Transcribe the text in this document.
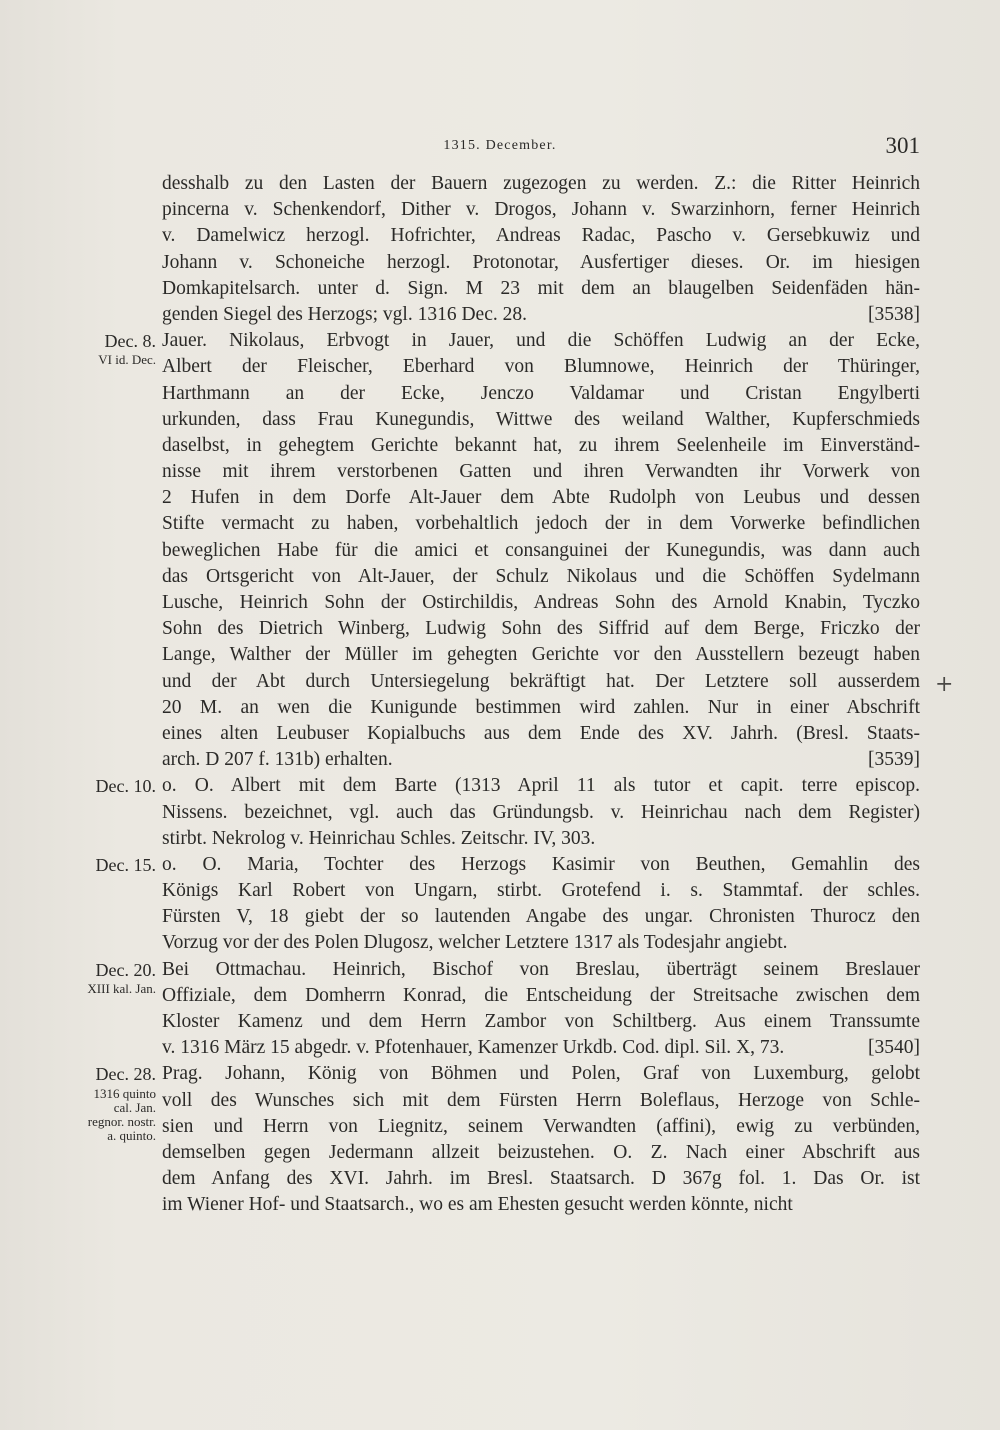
1315. December.	301
desshalb zu den Lasten der Bauern zugezogen zu werden. Z.: die Ritter Heinrich
pincerna v. Schenkendorf, Dither v. Drogos, Johann v. Swarzinhorn, ferner Heinrich
v. Damelwicz herzogl. Hofrichter, Andreas Radac, Pascho v. Gersebkuwiz und
Johann v. Schoneiche herzogl. Protonotar, Ausfertiger dieses. Or. im hiesigen
Domkapitelsarch. unter d. Sign. M 23 mit dem an blaugelben Seidenfäden hän-
genden Siegel des Herzogs; vgl. 1316 Dec. 28.	[3538]
Dec. 8.
VI id. Dec.
Jauer. Nikolaus, Erbvogt in Jauer, und die Schöffen Ludwig an der Ecke,
Albert der Fleischer, Eberhard von Blumnowe, Heinrich der Thüringer,
Harthmann an der Ecke, Jenczo Valdamar und Cristan Engylberti
urkunden, dass Frau Kunegundis, Wittwe des weiland Walther, Kupferschmieds
daselbst, in gehegtem Gerichte bekannt hat, zu ihrem Seelenheile im Einverständ-
nisse mit ihrem verstorbenen Gatten und ihren Verwandten ihr Vorwerk von
2 Hufen in dem Dorfe Alt-Jauer dem Abte Rudolph von Leubus und dessen
Stifte vermacht zu haben, vorbehaltlich jedoch der in dem Vorwerke befindlichen
beweglichen Habe für die amici et consanguinei der Kunegundis, was dann auch
das Ortsgericht von Alt-Jauer, der Schulz Nikolaus und die Schöffen Sydelmann
Lusche, Heinrich Sohn der Ostirchildis, Andreas Sohn des Arnold Knabin, Tyczko
Sohn des Dietrich Winberg, Ludwig Sohn des Siffrid auf dem Berge, Friczko der
Lange, Walther der Müller im gehegten Gerichte vor den Ausstellern bezeugt haben
und der Abt durch Untersiegelung bekräftigt hat. Der Letztere soll ausserdem
20 M. an wen die Kunigunde bestimmen wird zahlen. Nur in einer Abschrift
eines alten Leubuser Kopialbuchs aus dem Ende des XV. Jahrh. (Bresl. Staats-
arch. D 207 f. 131b) erhalten.	[3539]
Dec. 10. o. O. Albert mit dem Barte (1313 April 11 als tutor et capit. terre episcop.
Nissens. bezeichnet, vgl. auch das Gründungsb. v. Heinrichau nach dem Register)
stirbt. Nekrolog v. Heinrichau Schles. Zeitschr. IV, 303.
Dec. 15. o. O. Maria, Tochter des Herzogs Kasimir von Beuthen, Gemahlin des
Königs Karl Robert von Ungarn, stirbt. Grotefend i. s. Stammtaf. der schles.
Fürsten V, 18 giebt der so lautenden Angabe des ungar. Chronisten Thurocz den
Vorzug vor der des Polen Dlugosz, welcher Letztere 1317 als Todesjahr angiebt.
Dec. 20.
XIII kal. Jan.
Bei Ottmachau. Heinrich, Bischof von Breslau, überträgt seinem Breslauer
Offiziale, dem Domherrn Konrad, die Entscheidung der Streitsache zwischen dem
Kloster Kamenz und dem Herrn Zambor von Schiltberg. Aus einem Transsumte
v. 1316 März 15 abgedr. v. Pfotenhauer, Kamenzer Urkdb. Cod. dipl. Sil. X, 73.	[3540]
Dec. 28.
1316 quinto
cal. Jan.
regnor. nostr.
a. quinto.
Prag. Johann, König von Böhmen und Polen, Graf von Luxemburg, gelobt
voll des Wunsches sich mit dem Fürsten Herrn Boleflaus, Herzoge von Schle-
sien und Herrn von Liegnitz, seinem Verwandten (affini), ewig zu verbünden,
demselben gegen Jedermann allzeit beizustehen. O. Z. Nach einer Abschrift aus
dem Anfang des XVI. Jahrh. im Bresl. Staatsarch. D 367g fol. 1. Das Or. ist
im Wiener Hof- und Staatsarch., wo es am Ehesten gesucht werden könnte, nicht
+
